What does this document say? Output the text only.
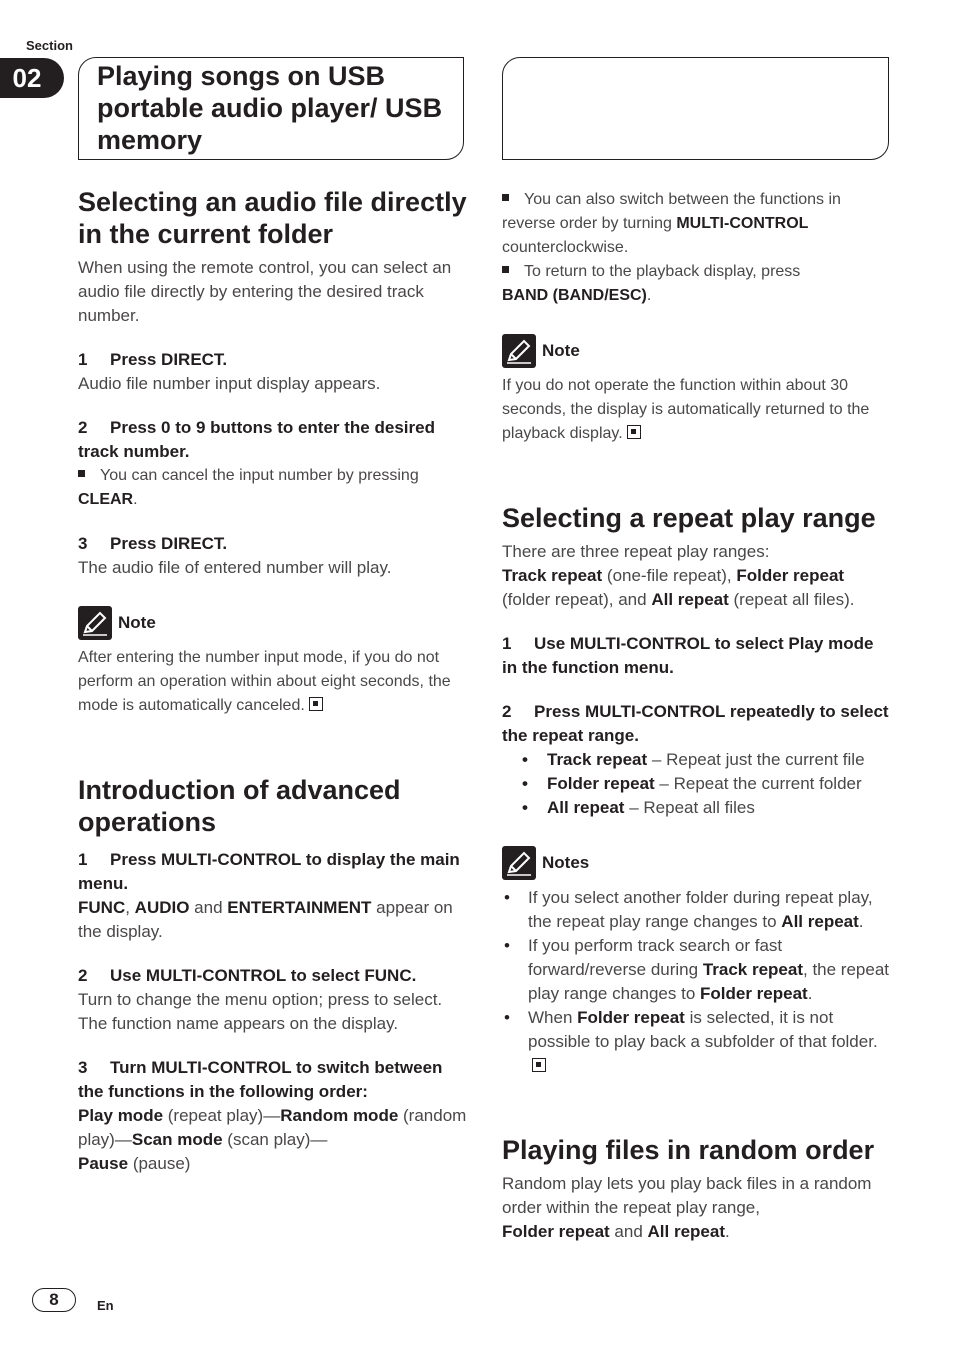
Section
02	Playing songs on USB portable audio player/ USB memory
Selecting an audio file directly in the current folder
When using the remote control, you can select an audio file directly by entering the desired track number.
1 Press DIRECT.
Audio file number input display appears.
2 Press 0 to 9 buttons to enter the desired track number.
You can cancel the input number by pressing
CLEAR.
3 Press DIRECT.
The audio file of entered number will play.
Note
After entering the number input mode, if you do not perform an operation within about eight seconds, the mode is automatically canceled.
Introduction of advanced operations
1 Press MULTI-CONTROL to display the main menu.
FUNC, AUDIO and ENTERTAINMENT appear on the display.
2 Use MULTI-CONTROL to select FUNC.
Turn to change the menu option; press to select.
The function name appears on the display.
3 Turn MULTI-CONTROL to switch between the functions in the following order:
Play mode (repeat play)—Random mode (random play)—Scan mode (scan play)—
Pause (pause)
You can also switch between the functions in reverse order by turning MULTI-CONTROL counterclockwise.
To return to the playback display, press
BAND (BAND/ESC).
Note
If you do not operate the function within about 30 seconds, the display is automatically returned to the playback display.
Selecting a repeat play range
There are three repeat play ranges:
Track repeat (one-file repeat), Folder repeat (folder repeat), and All repeat (repeat all files).
1 Use MULTI-CONTROL to select Play mode in the function menu.
2 Press MULTI-CONTROL repeatedly to select the repeat range.
• Track repeat – Repeat just the current file
• Folder repeat – Repeat the current folder
• All repeat – Repeat all files
Notes
• If you select another folder during repeat play, the repeat play range changes to All repeat.
• If you perform track search or fast forward/reverse during Track repeat, the repeat play range changes to Folder repeat.
• When Folder repeat is selected, it is not possible to play back a subfolder of that folder.
Playing files in random order
Random play lets you play back files in a random order within the repeat play range,
Folder repeat and All repeat.
8	En
